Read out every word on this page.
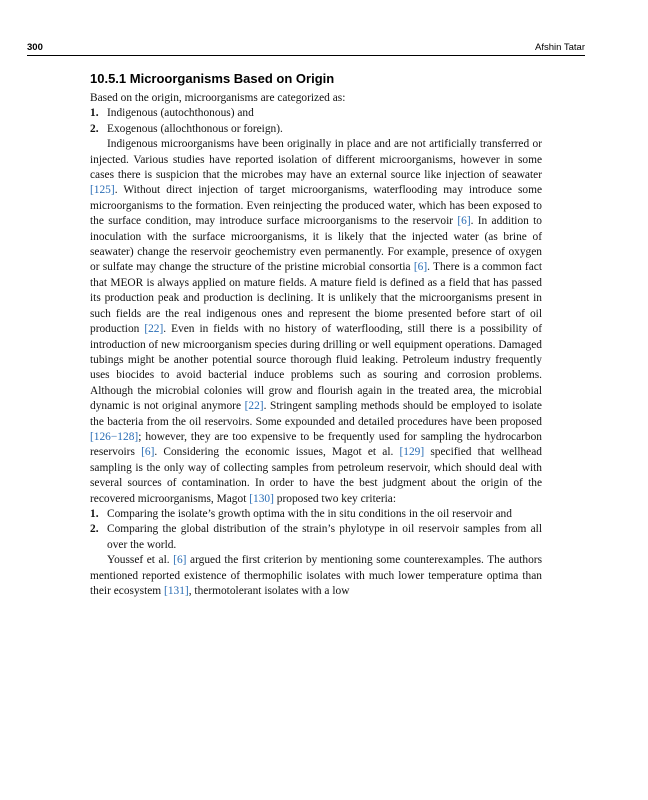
300	Afshin Tatar
10.5.1 Microorganisms Based on Origin

Based on the origin, microorganisms are categorized as:

1. Indigenous (autochthonous) and
2. Exogenous (allochthonous or foreign).

Indigenous microorganisms have been originally in place and are not artificially transferred or injected. Various studies have reported isolation of different microorganisms, however in some cases there is suspicion that the microbes may have an external source like injection of seawater [125]. Without direct injection of target microorganisms, waterflooding may introduce some microorganisms to the formation. Even reinjecting the produced water, which has been exposed to the surface condition, may introduce surface microorganisms to the reservoir [6]. In addition to inoculation with the surface microorganisms, it is likely that the injected water (as brine of seawater) change the reservoir geochemistry even permanently. For example, presence of oxygen or sulfate may change the structure of the pristine microbial consortia [6]. There is a common fact that MEOR is always applied on mature fields. A mature field is defined as a field that has passed its production peak and production is declining. It is unlikely that the microorganisms present in such fields are the real indigenous ones and represent the biome presented before start of oil production [22]. Even in fields with no history of waterflooding, still there is a possibility of introduction of new microorganism species during drilling or well equipment operations. Damaged tubings might be another potential source thorough fluid leaking. Petroleum industry frequently uses biocides to avoid bacterial induce problems such as souring and corrosion problems. Although the microbial colonies will grow and flourish again in the treated area, the microbial dynamic is not original anymore [22]. Stringent sampling methods should be employed to isolate the bacteria from the oil reservoirs. Some expounded and detailed procedures have been proposed [126−128]; however, they are too expensive to be frequently used for sampling the hydrocarbon reservoirs [6]. Considering the economic issues, Magot et al. [129] specified that wellhead sampling is the only way of collecting samples from petroleum reservoir, which should deal with several sources of contamination. In order to have the best judgment about the origin of the recovered microorganisms, Magot [130] proposed two key criteria:

1. Comparing the isolate’s growth optima with the in situ conditions in the oil reservoir and
2. Comparing the global distribution of the strain’s phylotype in oil reservoir samples from all over the world.

Youssef et al. [6] argued the first criterion by mentioning some counterexamples. The authors mentioned reported existence of thermophilic isolates with much lower temperature optima than their ecosystem [131], thermotolerant isolates with a low
